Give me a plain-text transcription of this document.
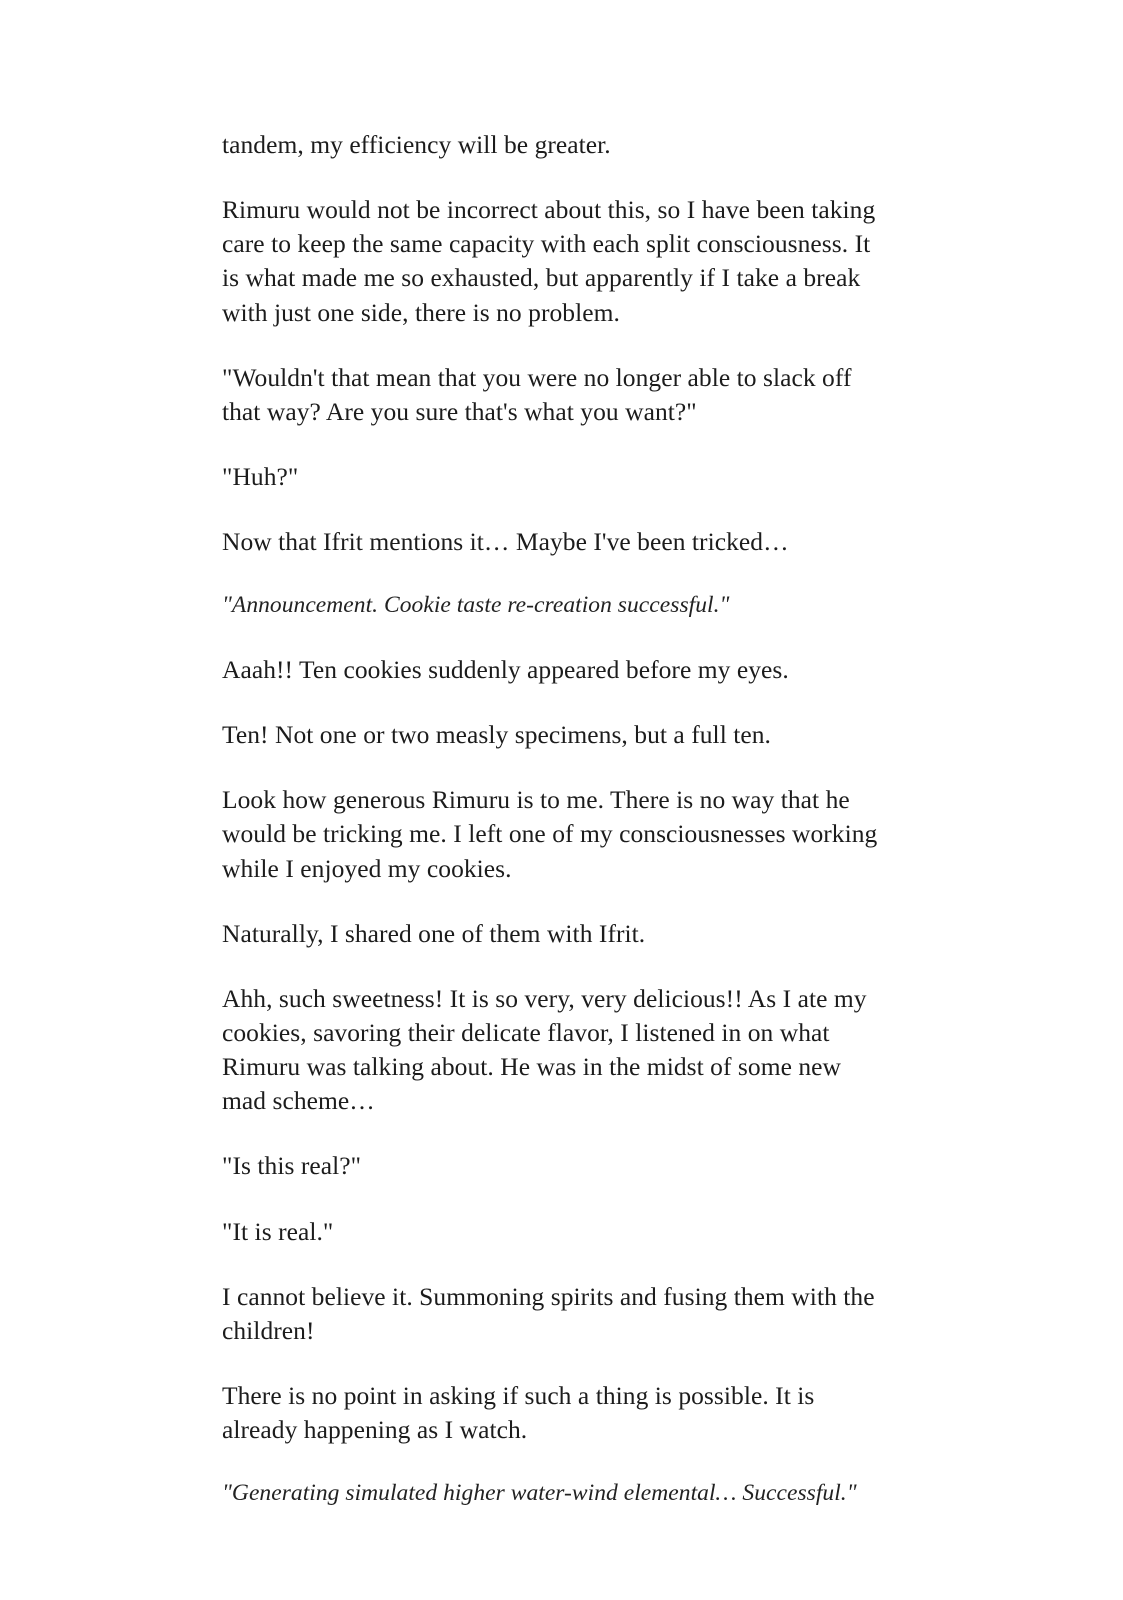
tandem, my efficiency will be greater.

Rimuru would not be incorrect about this, so I have been taking care to keep the same capacity with each split consciousness. It is what made me so exhausted, but apparently if I take a break with just one side, there is no problem.

"Wouldn't that mean that you were no longer able to slack off that way? Are you sure that's what you want?"

"Huh?"

Now that Ifrit mentions it… Maybe I've been tricked…

"Announcement. Cookie taste re-creation successful."

Aaah!! Ten cookies suddenly appeared before my eyes.

Ten! Not one or two measly specimens, but a full ten.

Look how generous Rimuru is to me. There is no way that he would be tricking me. I left one of my consciousnesses working while I enjoyed my cookies.

Naturally, I shared one of them with Ifrit.

Ahh, such sweetness! It is so very, very delicious!! As I ate my cookies, savoring their delicate flavor, I listened in on what Rimuru was talking about. He was in the midst of some new mad scheme…

"Is this real?"

"It is real."

I cannot believe it. Summoning spirits and fusing them with the children!

There is no point in asking if such a thing is possible. It is already happening as I watch.

"Generating simulated higher water-wind elemental… Successful."
